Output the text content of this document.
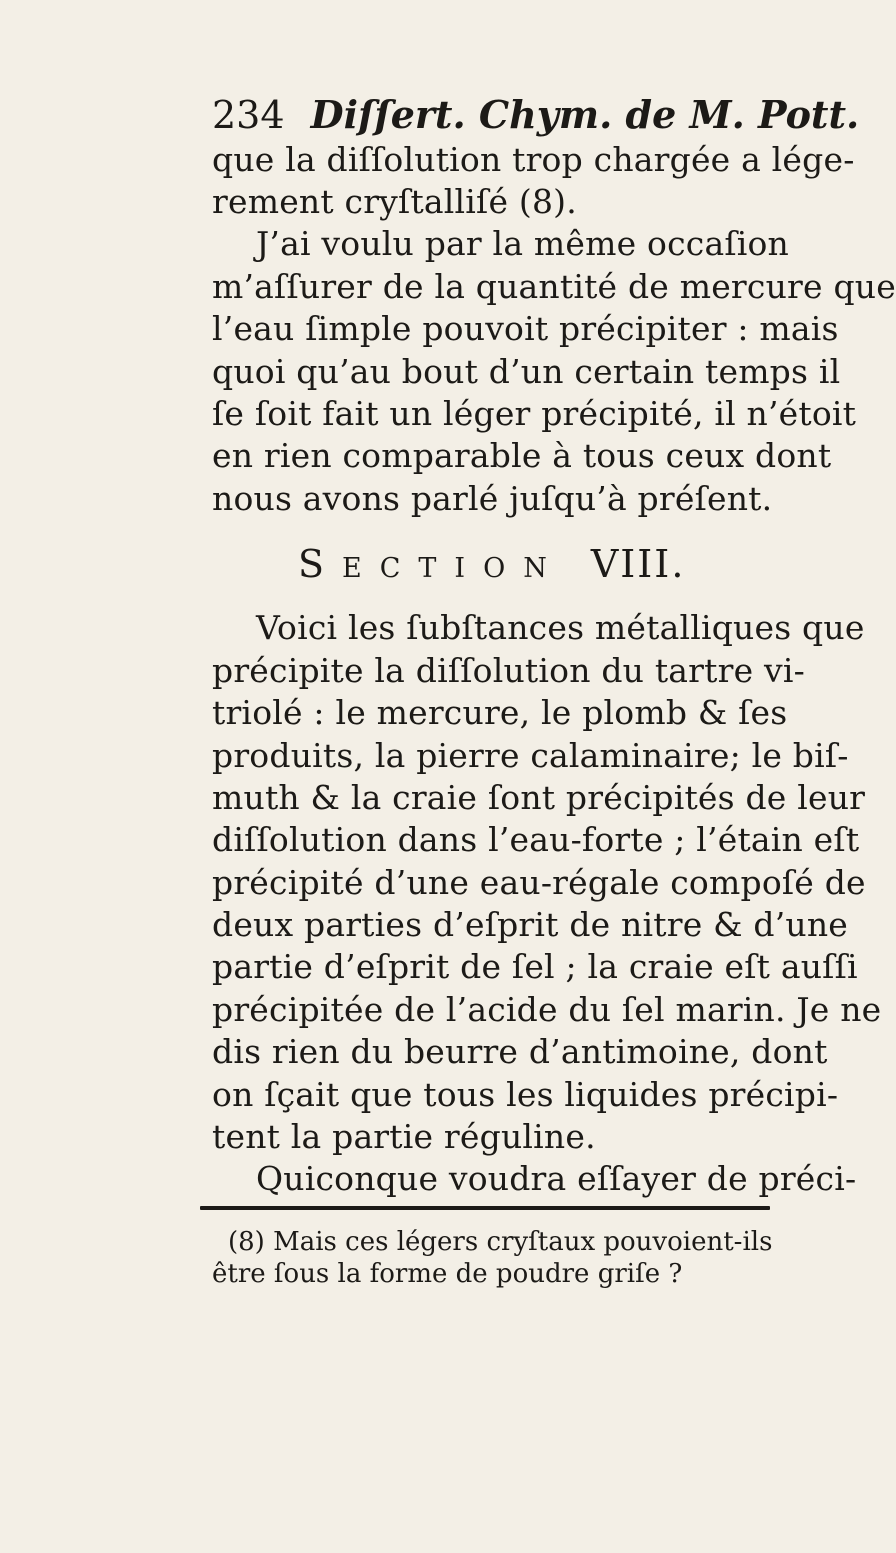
234 Diſſert. Chym. de M. Pott.
que la diſſolution trop chargée a lége-
rement cryſtalliſé (8).
J’ai voulu par la même occaſion
m’aſſurer de la quantité de mercure que
l’eau ſimple pouvoit précipiter : mais
quoi qu’au bout d’un certain temps il
ſe ſoit fait un léger précipité, il n’étoit
en rien comparable à tous ceux dont
nous avons parlé juſqu’à préſent.
Section VIII.
Voici les ſubſtances métalliques que
précipite la diſſolution du tartre vi-
triolé : le mercure, le plomb & ſes
produits, la pierre calaminaire; le biſ-
muth & la craie ſont précipités de leur
diſſolution dans l’eau-forte ; l’étain eſt
précipité d’une eau-régale compoſé de
deux parties d’eſprit de nitre & d’une
partie d’eſprit de ſel ; la craie eſt auſſi
précipitée de l’acide du ſel marin. Je ne
dis rien du beurre d’antimoine, dont
on ſçait que tous les liquides précipi-
tent la partie réguline.
Quiconque voudra eſſayer de préci-
(8) Mais ces légers cryſtaux pouvoient-ils
être ſous la forme de poudre griſe ?
